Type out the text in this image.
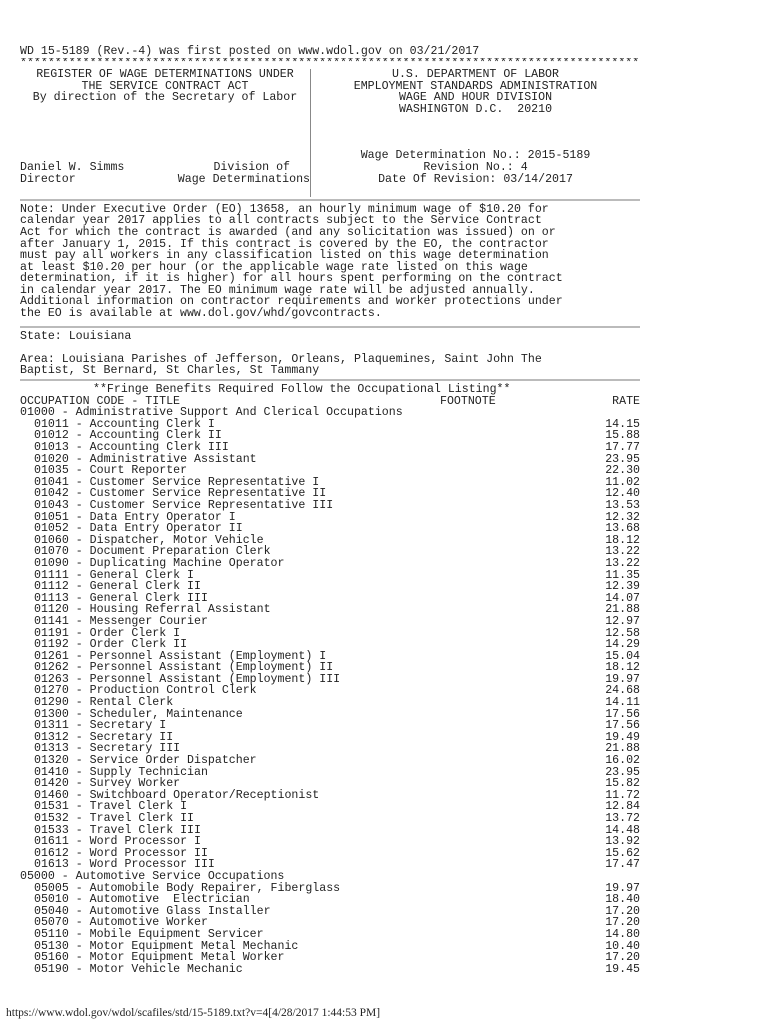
WD 15-5189 (Rev.-4) was first posted on www.wdol.gov on 03/21/2017
*****************************************************************************************
REGISTER OF WAGE DETERMINATIONS UNDER
THE SERVICE CONTRACT ACT
By direction of the Secretary of Labor
Daniel W. Simms	Division of
Director	Wage Determinations
U.S. DEPARTMENT OF LABOR
EMPLOYMENT STANDARDS ADMINISTRATION
WAGE AND HOUR DIVISION
WASHINGTON D.C.  20210
Wage Determination No.: 2015-5189
Revision No.: 4
Date Of Revision: 03/14/2017
Note: Under Executive Order (EO) 13658, an hourly minimum wage of $10.20 for
calendar year 2017 applies to all contracts subject to the Service Contract
Act for which the contract is awarded (and any solicitation was issued) on or
after January 1, 2015. If this contract is covered by the EO, the contractor
must pay all workers in any classification listed on this wage determination
at least $10.20 per hour (or the applicable wage rate listed on this wage
determination, if it is higher) for all hours spent performing on the contract
in calendar year 2017. The EO minimum wage rate will be adjusted annually.
Additional information on contractor requirements and worker protections under
the EO is available at www.dol.gov/whd/govcontracts.
State: Louisiana
Area: Louisiana Parishes of Jefferson, Orleans, Plaquemines, Saint John The
Baptist, St Bernard, St Charles, St Tammany
**Fringe Benefits Required Follow the Occupational Listing**
OCCUPATION CODE - TITLE	FOOTNOTE	RATE
01000 - Administrative Support And Clerical Occupations
01011 - Accounting Clerk I	14.15
01012 - Accounting Clerk II	15.88
01013 - Accounting Clerk III	17.77
01020 - Administrative Assistant	23.95
01035 - Court Reporter	22.30
01041 - Customer Service Representative I	11.02
01042 - Customer Service Representative II	12.40
01043 - Customer Service Representative III	13.53
01051 - Data Entry Operator I	12.32
01052 - Data Entry Operator II	13.68
01060 - Dispatcher, Motor Vehicle	18.12
01070 - Document Preparation Clerk	13.22
01090 - Duplicating Machine Operator	13.22
01111 - General Clerk I	11.35
01112 - General Clerk II	12.39
01113 - General Clerk III	14.07
01120 - Housing Referral Assistant	21.88
01141 - Messenger Courier	12.97
01191 - Order Clerk I	12.58
01192 - Order Clerk II	14.29
01261 - Personnel Assistant (Employment) I	15.04
01262 - Personnel Assistant (Employment) II	18.12
01263 - Personnel Assistant (Employment) III	19.97
01270 - Production Control Clerk	24.68
01290 - Rental Clerk	14.11
01300 - Scheduler, Maintenance	17.56
01311 - Secretary I	17.56
01312 - Secretary II	19.49
01313 - Secretary III	21.88
01320 - Service Order Dispatcher	16.02
01410 - Supply Technician	23.95
01420 - Survey Worker	15.82
01460 - Switchboard Operator/Receptionist	11.72
01531 - Travel Clerk I	12.84
01532 - Travel Clerk II	13.72
01533 - Travel Clerk III	14.48
01611 - Word Processor I	13.92
01612 - Word Processor II	15.62
01613 - Word Processor III	17.47
05000 - Automotive Service Occupations
05005 - Automobile Body Repairer, Fiberglass	19.97
05010 - Automotive  Electrician	18.40
05040 - Automotive Glass Installer	17.20
05070 - Automotive Worker	17.20
05110 - Mobile Equipment Servicer	14.80
05130 - Motor Equipment Metal Mechanic	10.40
05160 - Motor Equipment Metal Worker	17.20
05190 - Motor Vehicle Mechanic	19.45
https://www.wdol.gov/wdol/scafiles/std/15-5189.txt?v=4[4/28/2017 1:44:53 PM]
